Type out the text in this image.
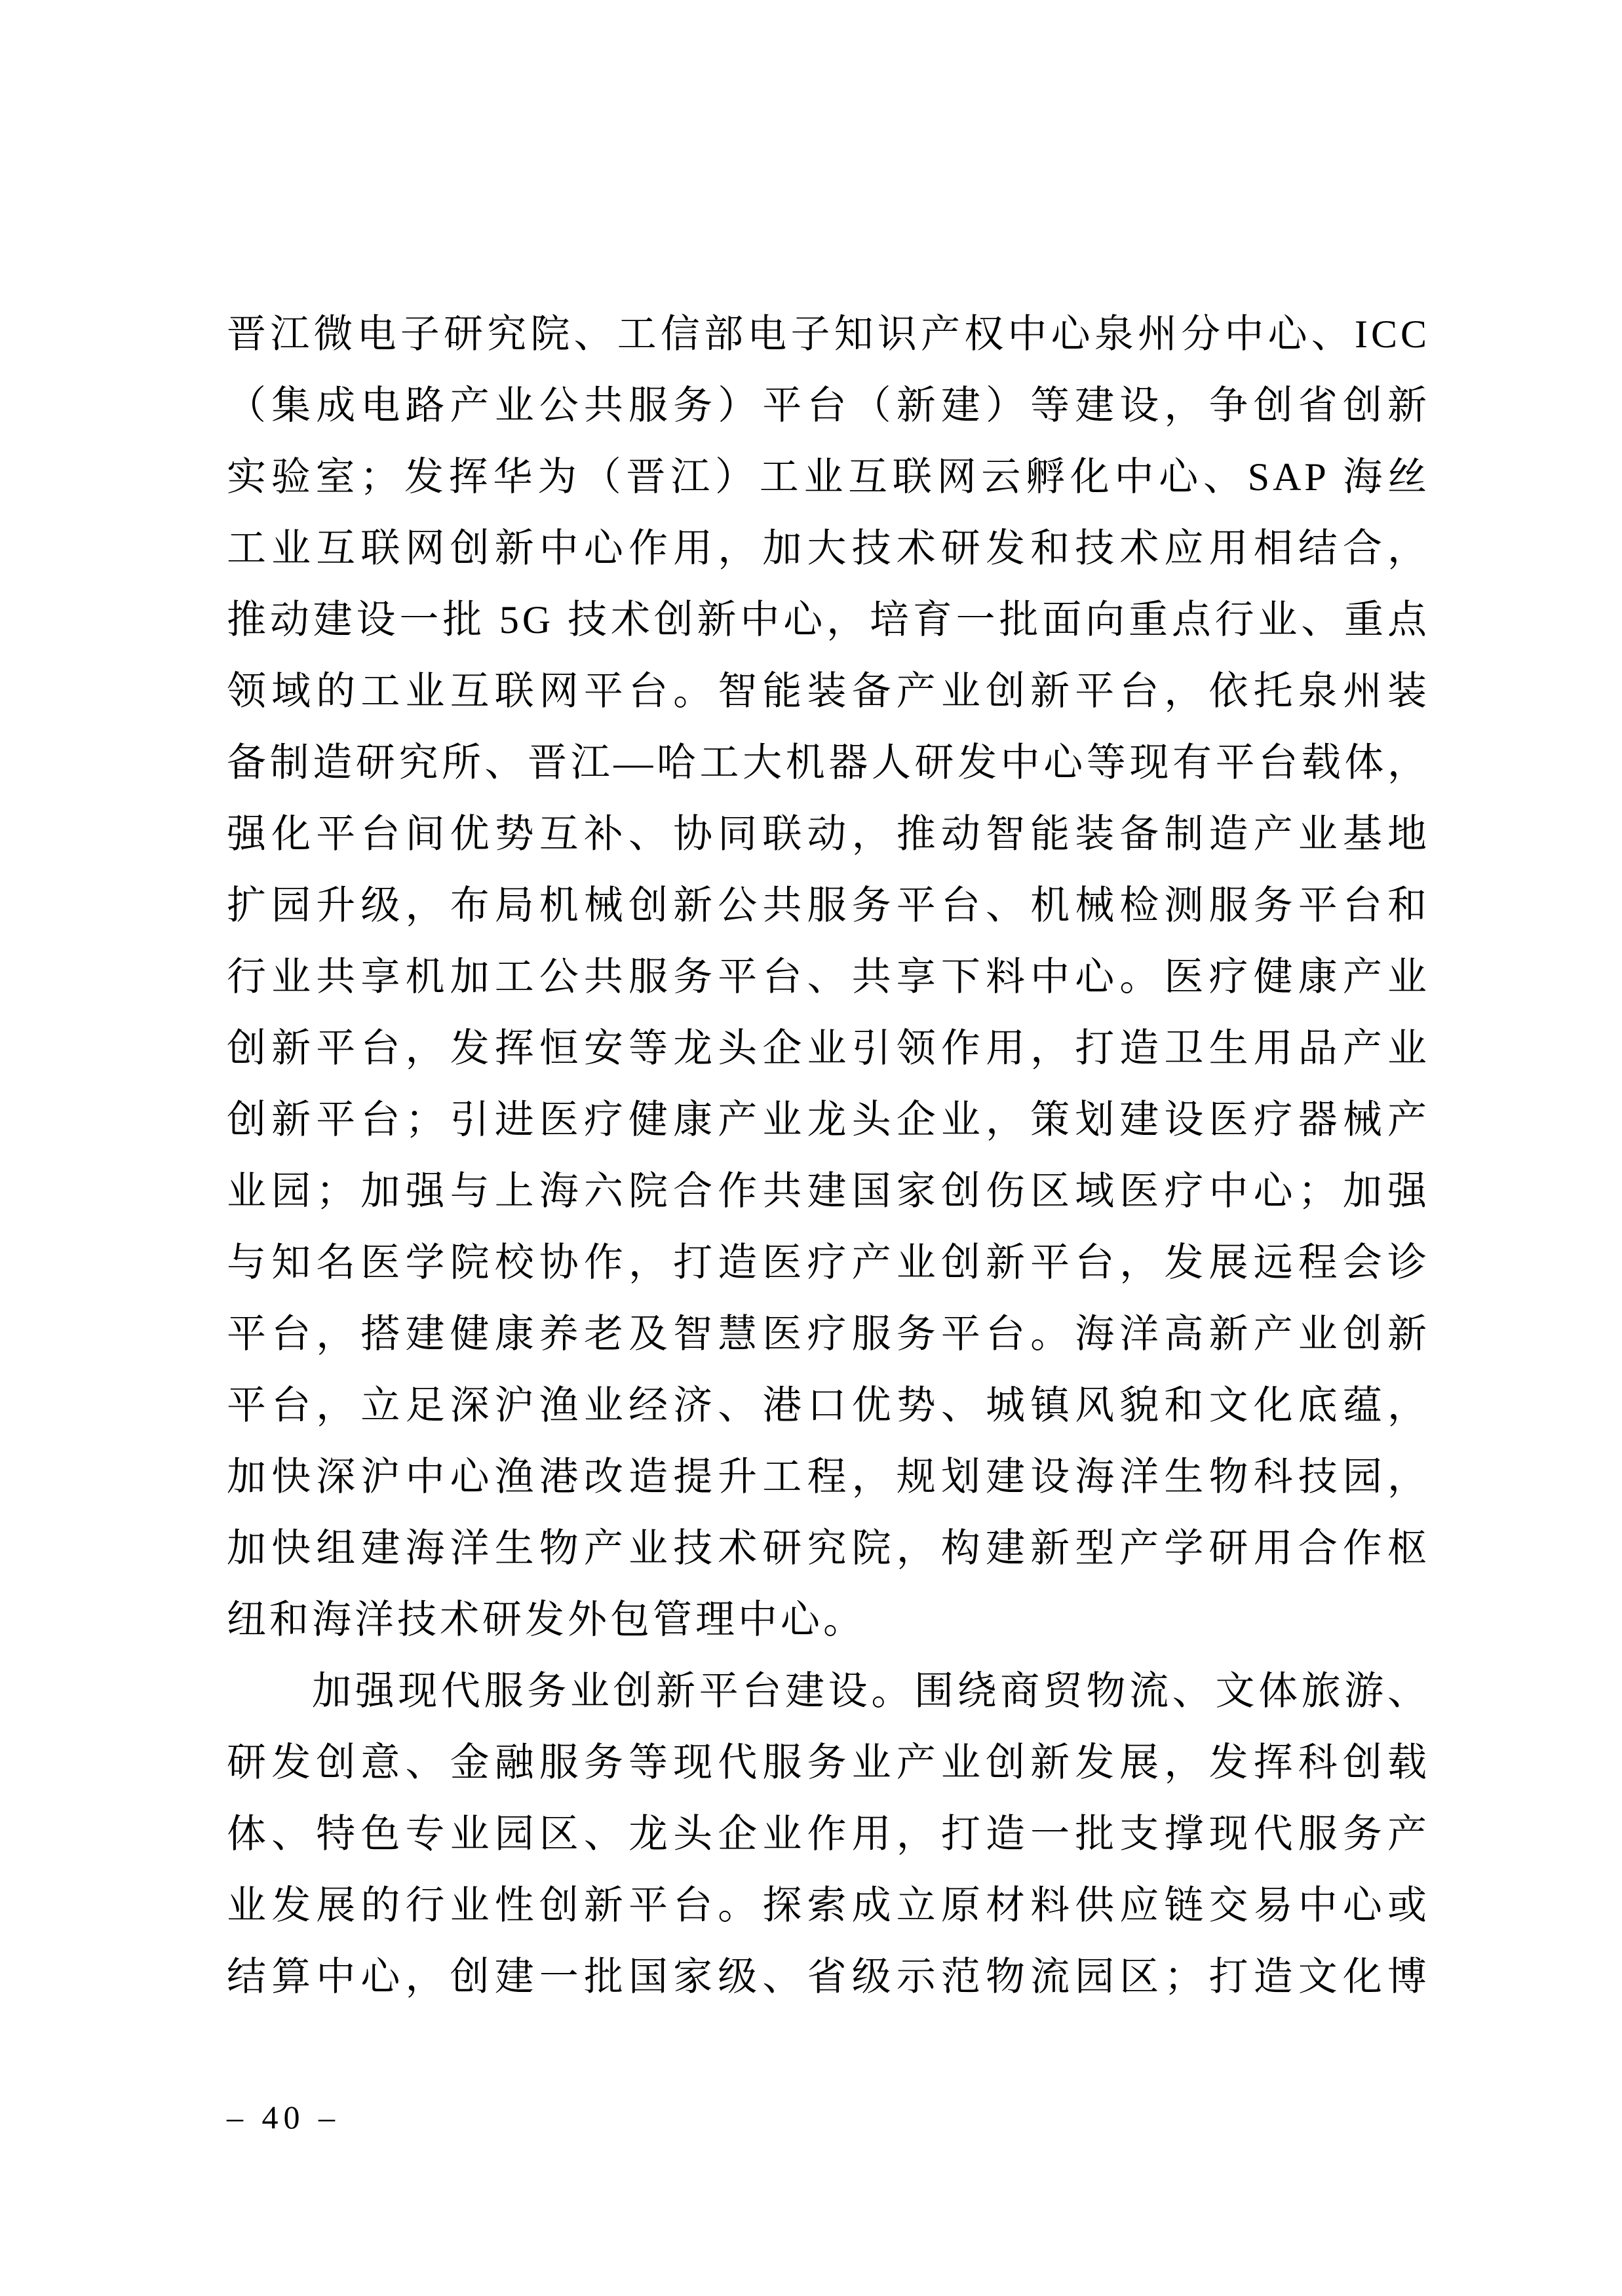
晋江微电子研究院、工信部电子知识产权中心泉州分中心、ICC
（集成电路产业公共服务）平台（新建）等建设，争创省创新
实验室；发挥华为（晋江）工业互联网云孵化中心、SAP 海丝
工业互联网创新中心作用，加大技术研发和技术应用相结合，
推动建设一批 5G 技术创新中心，培育一批面向重点行业、重点
领域的工业互联网平台。智能装备产业创新平台，依托泉州装
备制造研究所、晋江—哈工大机器人研发中心等现有平台载体，
强化平台间优势互补、协同联动，推动智能装备制造产业基地
扩园升级，布局机械创新公共服务平台、机械检测服务平台和
行业共享机加工公共服务平台、共享下料中心。医疗健康产业
创新平台，发挥恒安等龙头企业引领作用，打造卫生用品产业
创新平台；引进医疗健康产业龙头企业，策划建设医疗器械产
业园；加强与上海六院合作共建国家创伤区域医疗中心；加强
与知名医学院校协作，打造医疗产业创新平台，发展远程会诊
平台，搭建健康养老及智慧医疗服务平台。海洋高新产业创新
平台，立足深沪渔业经济、港口优势、城镇风貌和文化底蕴，
加快深沪中心渔港改造提升工程，规划建设海洋生物科技园，
加快组建海洋生物产业技术研究院，构建新型产学研用合作枢
纽和海洋技术研发外包管理中心。
加强现代服务业创新平台建设。围绕商贸物流、文体旅游、
研发创意、金融服务等现代服务业产业创新发展，发挥科创载
体、特色专业园区、龙头企业作用，打造一批支撑现代服务产
业发展的行业性创新平台。探索成立原材料供应链交易中心或
结算中心，创建一批国家级、省级示范物流园区；打造文化博
– 40 –
